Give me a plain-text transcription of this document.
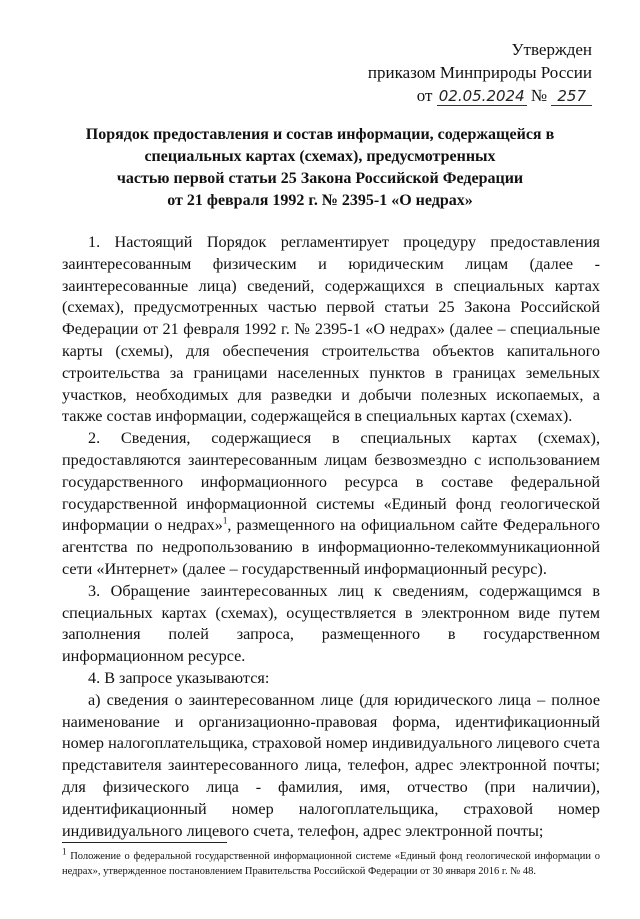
Утвержден
приказом Минприроды России
от 02.05.2024 № 257
Порядок предоставления и состав информации, содержащейся в
специальных картах (схемах), предусмотренных
частью первой статьи 25 Закона Российской Федерации
от 21 февраля 1992 г. № 2395-1 «О недрах»

1. Настоящий Порядок регламентирует процедуру предоставления заинтересованным физическим и юридическим лицам (далее - заинтересованные лица) сведений, содержащихся в специальных картах (схемах), предусмотренных частью первой статьи 25 Закона Российской Федерации от 21 февраля 1992 г. № 2395-1 «О недрах» (далее – специальные карты (схемы), для обеспечения строительства объектов капитального строительства за границами населенных пунктов в границах земельных участков, необходимых для разведки и добычи полезных ископаемых, а также состав информации, содержащейся в специальных картах (схемах).

2. Сведения, содержащиеся в специальных картах (схемах), предоставляются заинтересованным лицам безвозмездно с использованием государственного информационного ресурса в составе федеральной государственной информационной системы «Единый фонд геологической информации о недрах»$^1$, размещенного на официальном сайте Федерального агентства по недропользованию в информационно-телекоммуникационной сети «Интернет» (далее – государственный информационный ресурс).

3. Обращение заинтересованных лиц к сведениям, содержащимся в специальных картах (схемах), осуществляется в электронном виде путем заполнения полей запроса, размещенного в государственном информационном ресурсе.

4. В запросе указываются:

а) сведения о заинтересованном лице (для юридического лица – полное наименование и организационно-правовая форма, идентификационный номер налогоплательщика, страховой номер индивидуального лицевого счета представителя заинтересованного лица, телефон, адрес электронной почты; для физического лица - фамилия, имя, отчество (при наличии), идентификационный номер налогоплательщика, страховой номер индивидуального лицевого счета, телефон, адрес электронной почты;

$^1$ Положение о федеральной государственной информационной системе «Единый фонд геологической информации о недрах», утвержденное постановлением Правительства Российской Федерации от 30 января 2016 г. № 48.
